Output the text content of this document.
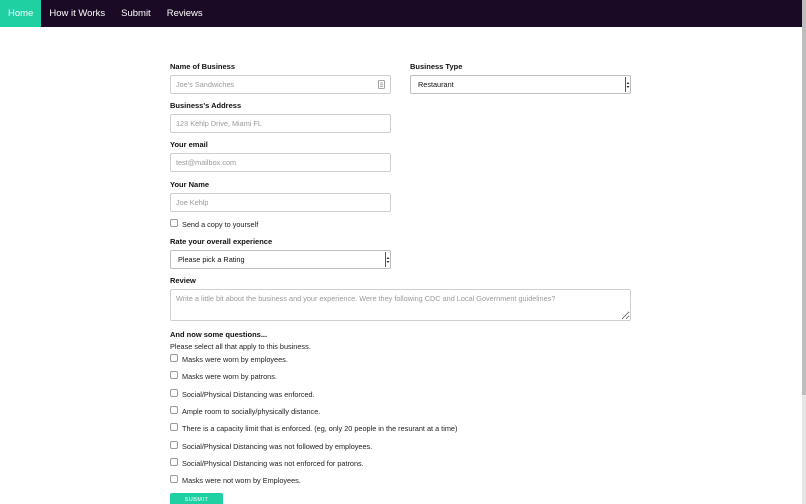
Home	How it Works	Submit	Reviews
Name of Business
Joe's Sandwiches	Business Type
Restaurant
Business's Address
123 Kehlp Drive, Miami FL
Your email
test@mailbox.com
Your Name
Joe Kehlp
Send a copy to yourself
Rate your overall experience
Please pick a Rating
Review
Write a little bit about the business and your experience. Were they following CDC and Local Government guidelines?
And now some questions...
Please select all that apply to this business.
Masks were worn by employees.
Masks were worn by patrons.
Social/Physical Distancing was enforced.
Ample room to socially/physically distance.
There is a capacity limit that is enforced. (eg, only 20 people in the resurant at a time)
Social/Physical Distancing was not followed by employees.
Social/Physical Distancing was not enforced for patrons.
Masks were not worn by Employees.
SUBMIT
